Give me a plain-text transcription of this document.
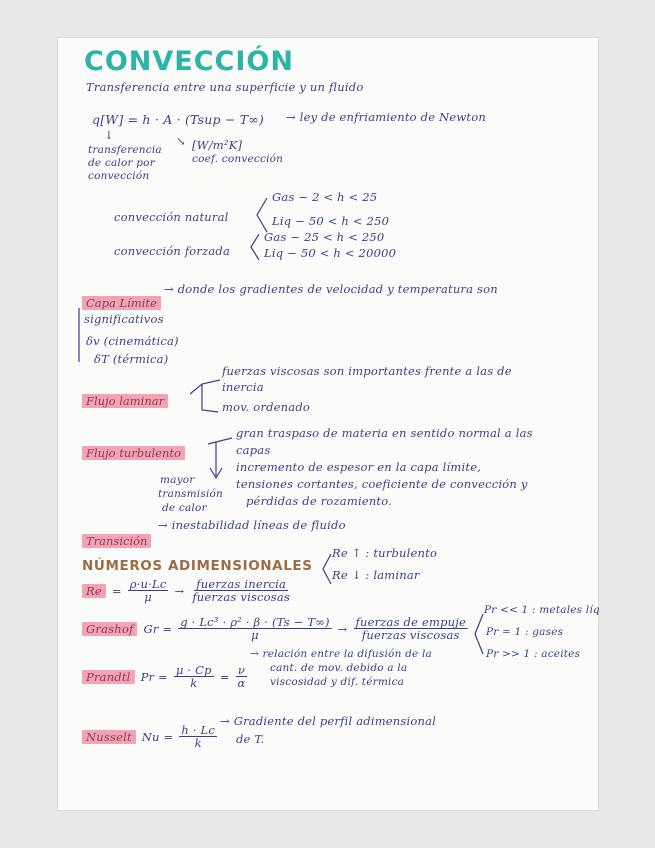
CONVECCIÓN
Transferencia entre una superficie y un fluido
q[W] = h · A · (Tsup − T∞) → ley de enfriamiento de Newton
↓
transferencia
de calor por
convección
↘ [W/m²K]
coef. convección
convección natural
Gas − 2 < h < 25
Liq − 50 < h < 250
convección forzada
Gas − 25 < h < 250
Liq − 50 < h < 20000
Capa Límite
→ donde los gradientes de velocidad y temperatura son
significativos
δv (cinemática)
δT (térmica)
Flujo laminar
fuerzas viscosas son importantes frente a las de
inercia
mov. ordenado
Flujo turbulento
gran traspaso de materia en sentido normal a las
capas
incremento de espesor en la capa límite,
tensiones cortantes, coeficiente de convección y
pérdidas de rozamiento.
mayor
transmisión
de calor
Transición
→ inestabilidad líneas de fluido
NÚMEROS ADIMENSIONALES
$Re = \frac{\rho\cdot u\cdot Lc}{\mu} \to \frac{\text{fuerzas inercia}}{\text{fuerzas viscosas}}$
Re ↑ : turbulento
Re ↓ : laminar
Grashof $Gr = \frac{\text{g · Lc³ · ρ² · β · (Ts − T∞)}}{\mu} \to \frac{\text{fuerzas de empuje}}{\text{fuerzas viscosas}}$
Prandtl $Pr = \frac{\mu \cdot Cp}{k} = \frac{\nu}{\alpha}$
→ relación entre la difusión de la
cant. de mov. debido a la
viscosidad y dif. térmica
Pr << 1 : metales líq
Pr = 1 : gases
Pr >> 1 : aceites
Nusselt $Nu = \frac{h \cdot Lc}{k}$
→ Gradiente del perfil adimensional
de T.
